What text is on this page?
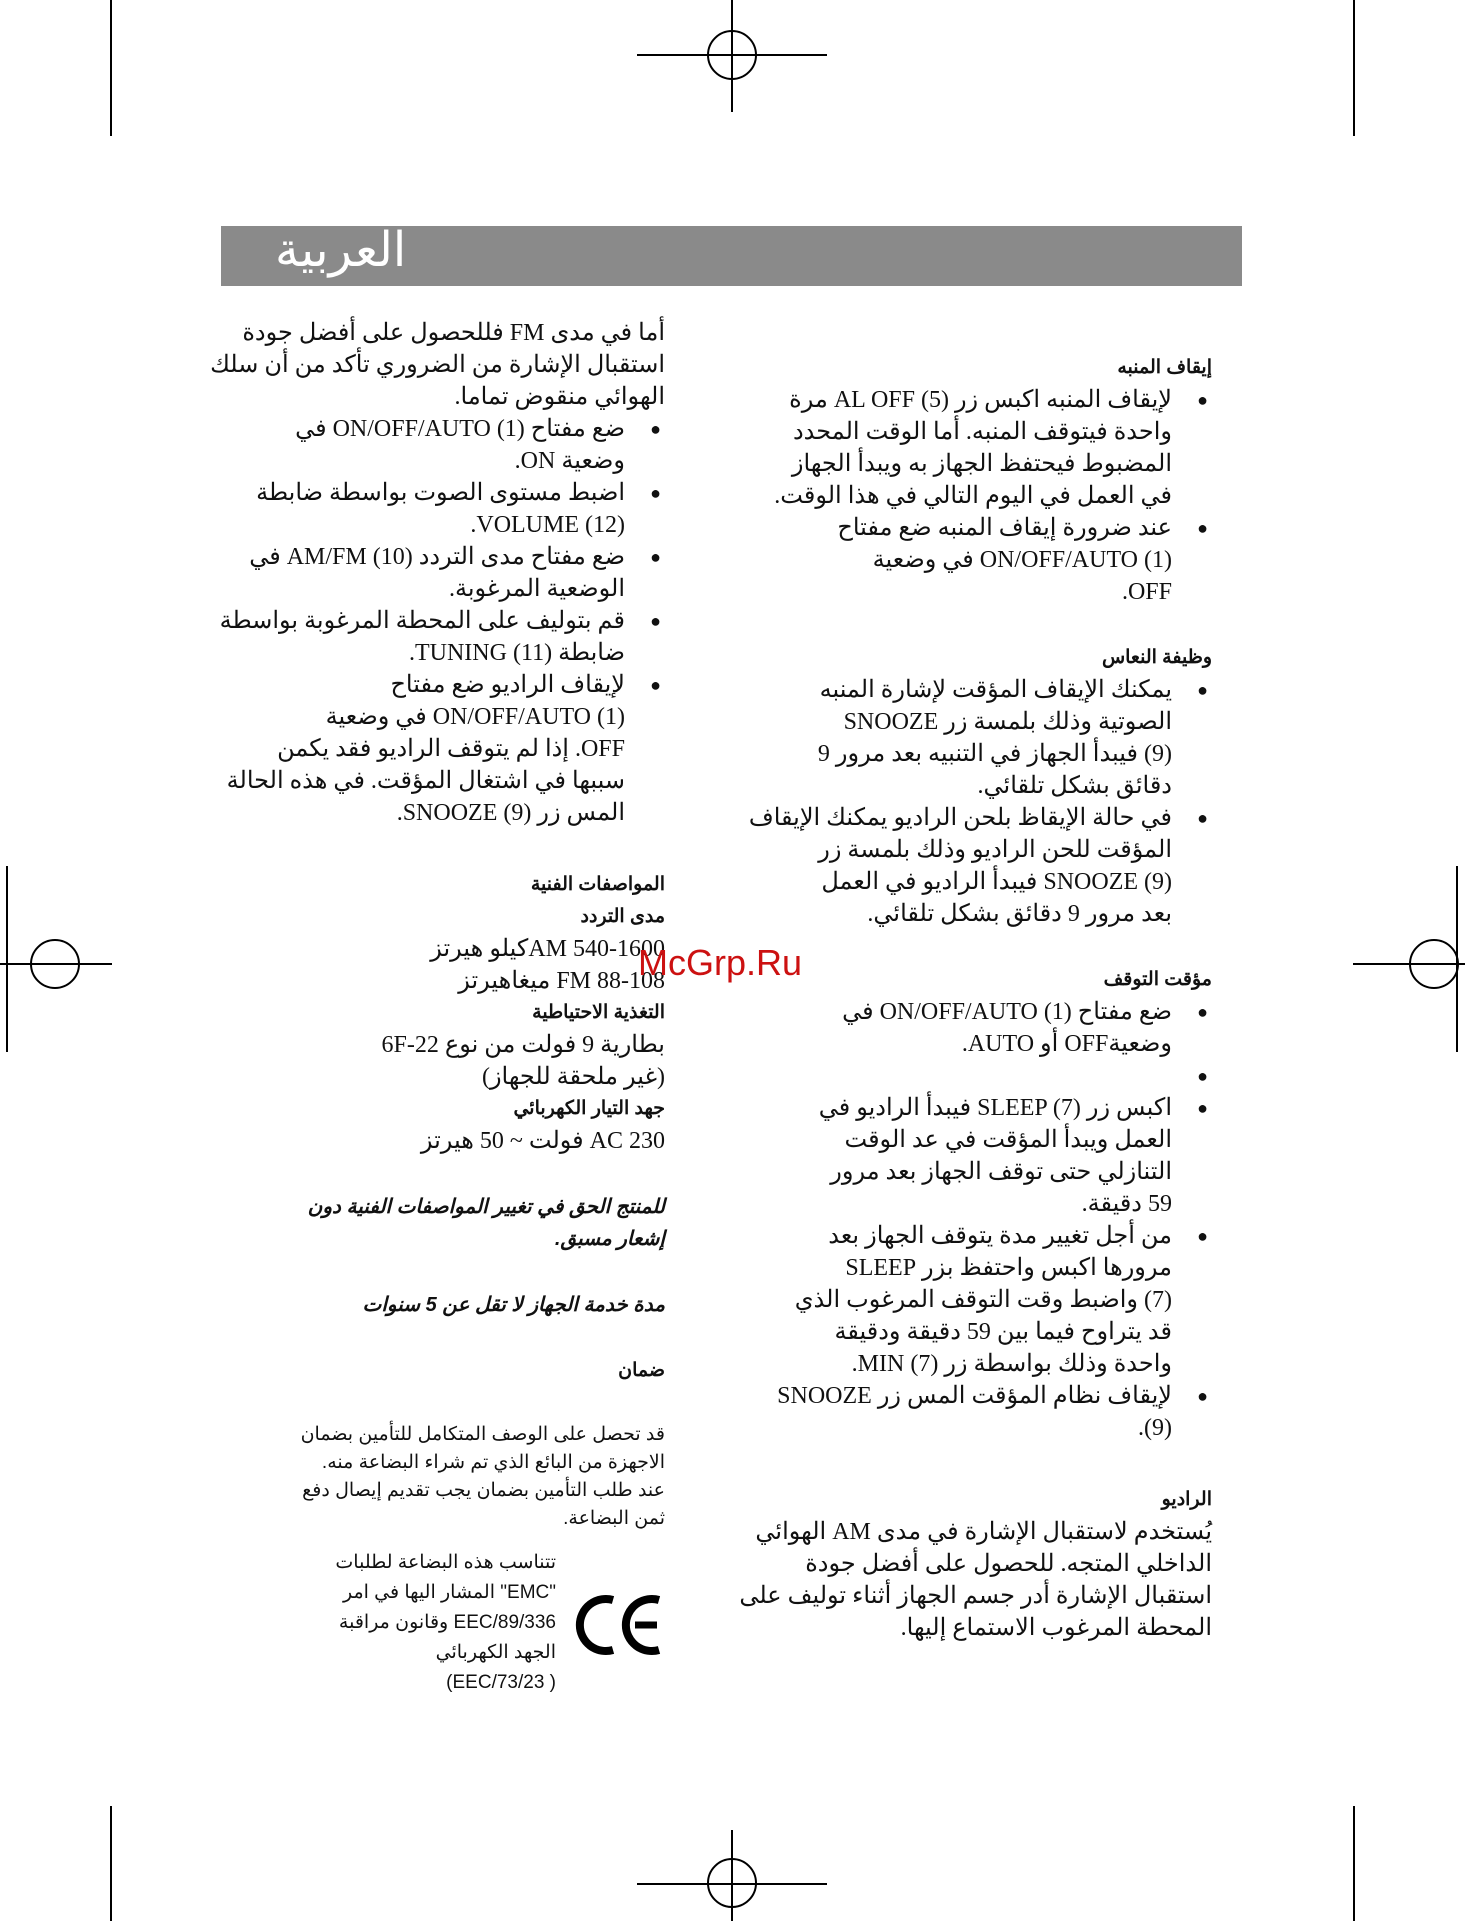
العربية

إيقاف المنبه

●
لإيقاف المنبه اكبس زر AL OFF (5) مرة
واحدة فيتوقف المنبه. أما الوقت المحدد
المضبوط فيحتفظ الجهاز به ويبدأ الجهاز
في العمل في اليوم التالي في هذا الوقت.
●
عند ضرورة إيقاف المنبه ضع مفتاح
ON/OFF/AUTO (1) في وضعية
OFF.

وظيفة النعاس

●
يمكنك الإيقاف المؤقت لإشارة المنبه
الصوتية وذلك بلمسة زر SNOOZE
(9) فيبدأ الجهاز في التنبيه بعد مرور 9
دقائق بشكل تلقائي.
●
في حالة الإيقاظ بلحن الراديو يمكنك الإيقاف
المؤقت للحن الراديو وذلك بلمسة زر
SNOOZE (9) فيبدأ الراديو في العمل
بعد مرور 9 دقائق بشكل تلقائي.

مؤقت التوقف

●
ضع مفتاح ON/OFF/AUTO (1) في
وضعيةOFF أو AUTO.
●

●
اكبس زر SLEEP (7) فيبدأ الراديو في
العمل ويبدأ المؤقت في عد الوقت
التنازلي حتى توقف الجهاز بعد مرور
59 دقيقة.
●
من أجل تغيير مدة يتوقف الجهاز بعد
مرورها اكبس واحتفظ بزر SLEEP
(7) واضبط وقت التوقف المرغوب الذي
قد يتراوح فيما بين 59 دقيقة ودقيقة
واحدة وذلك بواسطة زر MIN (7).
●
لإيقاف نظام المؤقت المس زر SNOOZE
(9).

الراديو

يُستخدم لاستقبال الإشارة في مدى AM الهوائي
الداخلي المتجه. للحصول على أفضل جودة
استقبال الإشارة أدر جسم الجهاز أثناء توليف على
المحطة المرغوب الاستماع إليها.
أما في مدى FM فللحصول على أفضل جودة
استقبال الإشارة من الضروري تأكد من أن سلك
الهوائي منقوض تماما.
●
ضع مفتاح ON/OFF/AUTO (1) في
وضعية ON.
●
اضبط مستوى الصوت بواسطة ضابطة
VOLUME (12).
●
ضع مفتاح مدى التردد AM/FM (10) في
الوضعية المرغوبة.
●
قم بتوليف على المحطة المرغوبة بواسطة
ضابطة TUNING (11).
●
لإيقاف الراديو ضع مفتاح
ON/OFF/AUTO (1) في وضعية
OFF. إذا لم يتوقف الراديو فقد يكمن
سببها في اشتغال المؤقت. في هذه الحالة
المس زر SNOOZE (9).

المواصفات الفنية

مدى التردد

AM 540-1600كيلو هيرتز

FM 88-108 ميغاهيرتز

التغذية الاحتياطية

بطارية 9 فولت من نوع 6F-22

(غير ملحقة للجهاز)

جهد التيار الكهربائي

AC 230 فولت ~ 50 هيرتز

للمنتج الحق في تغيير المواصفات الفنية دون

إشعار مسبق.

مدة خدمة الجهاز لا تقل عن 5 سنوات

ضمان

قد تحصل على الوصف المتكامل للتأمين بضمان

الاجهزة من البائع الذي تم شراء البضاعة منه.

عند طلب التأمين بضمان يجب تقديم إيصال دفع

ثمن البضاعة.

تتناسب هذه البضاعة لطلبات

"EMC" المشار اليها في امر

89/336/EEC وقانون مراقبة

الجهد الكهربائي

( 73/23/EEC)

McGrp.Ru
